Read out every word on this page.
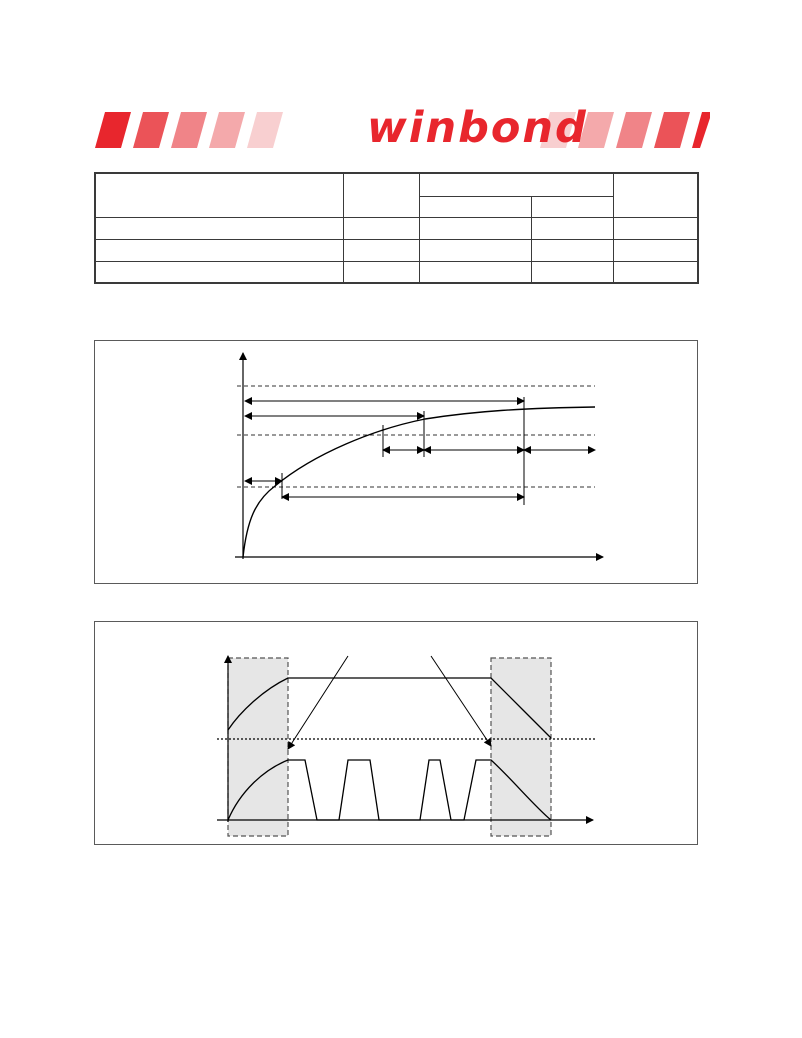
winbond
